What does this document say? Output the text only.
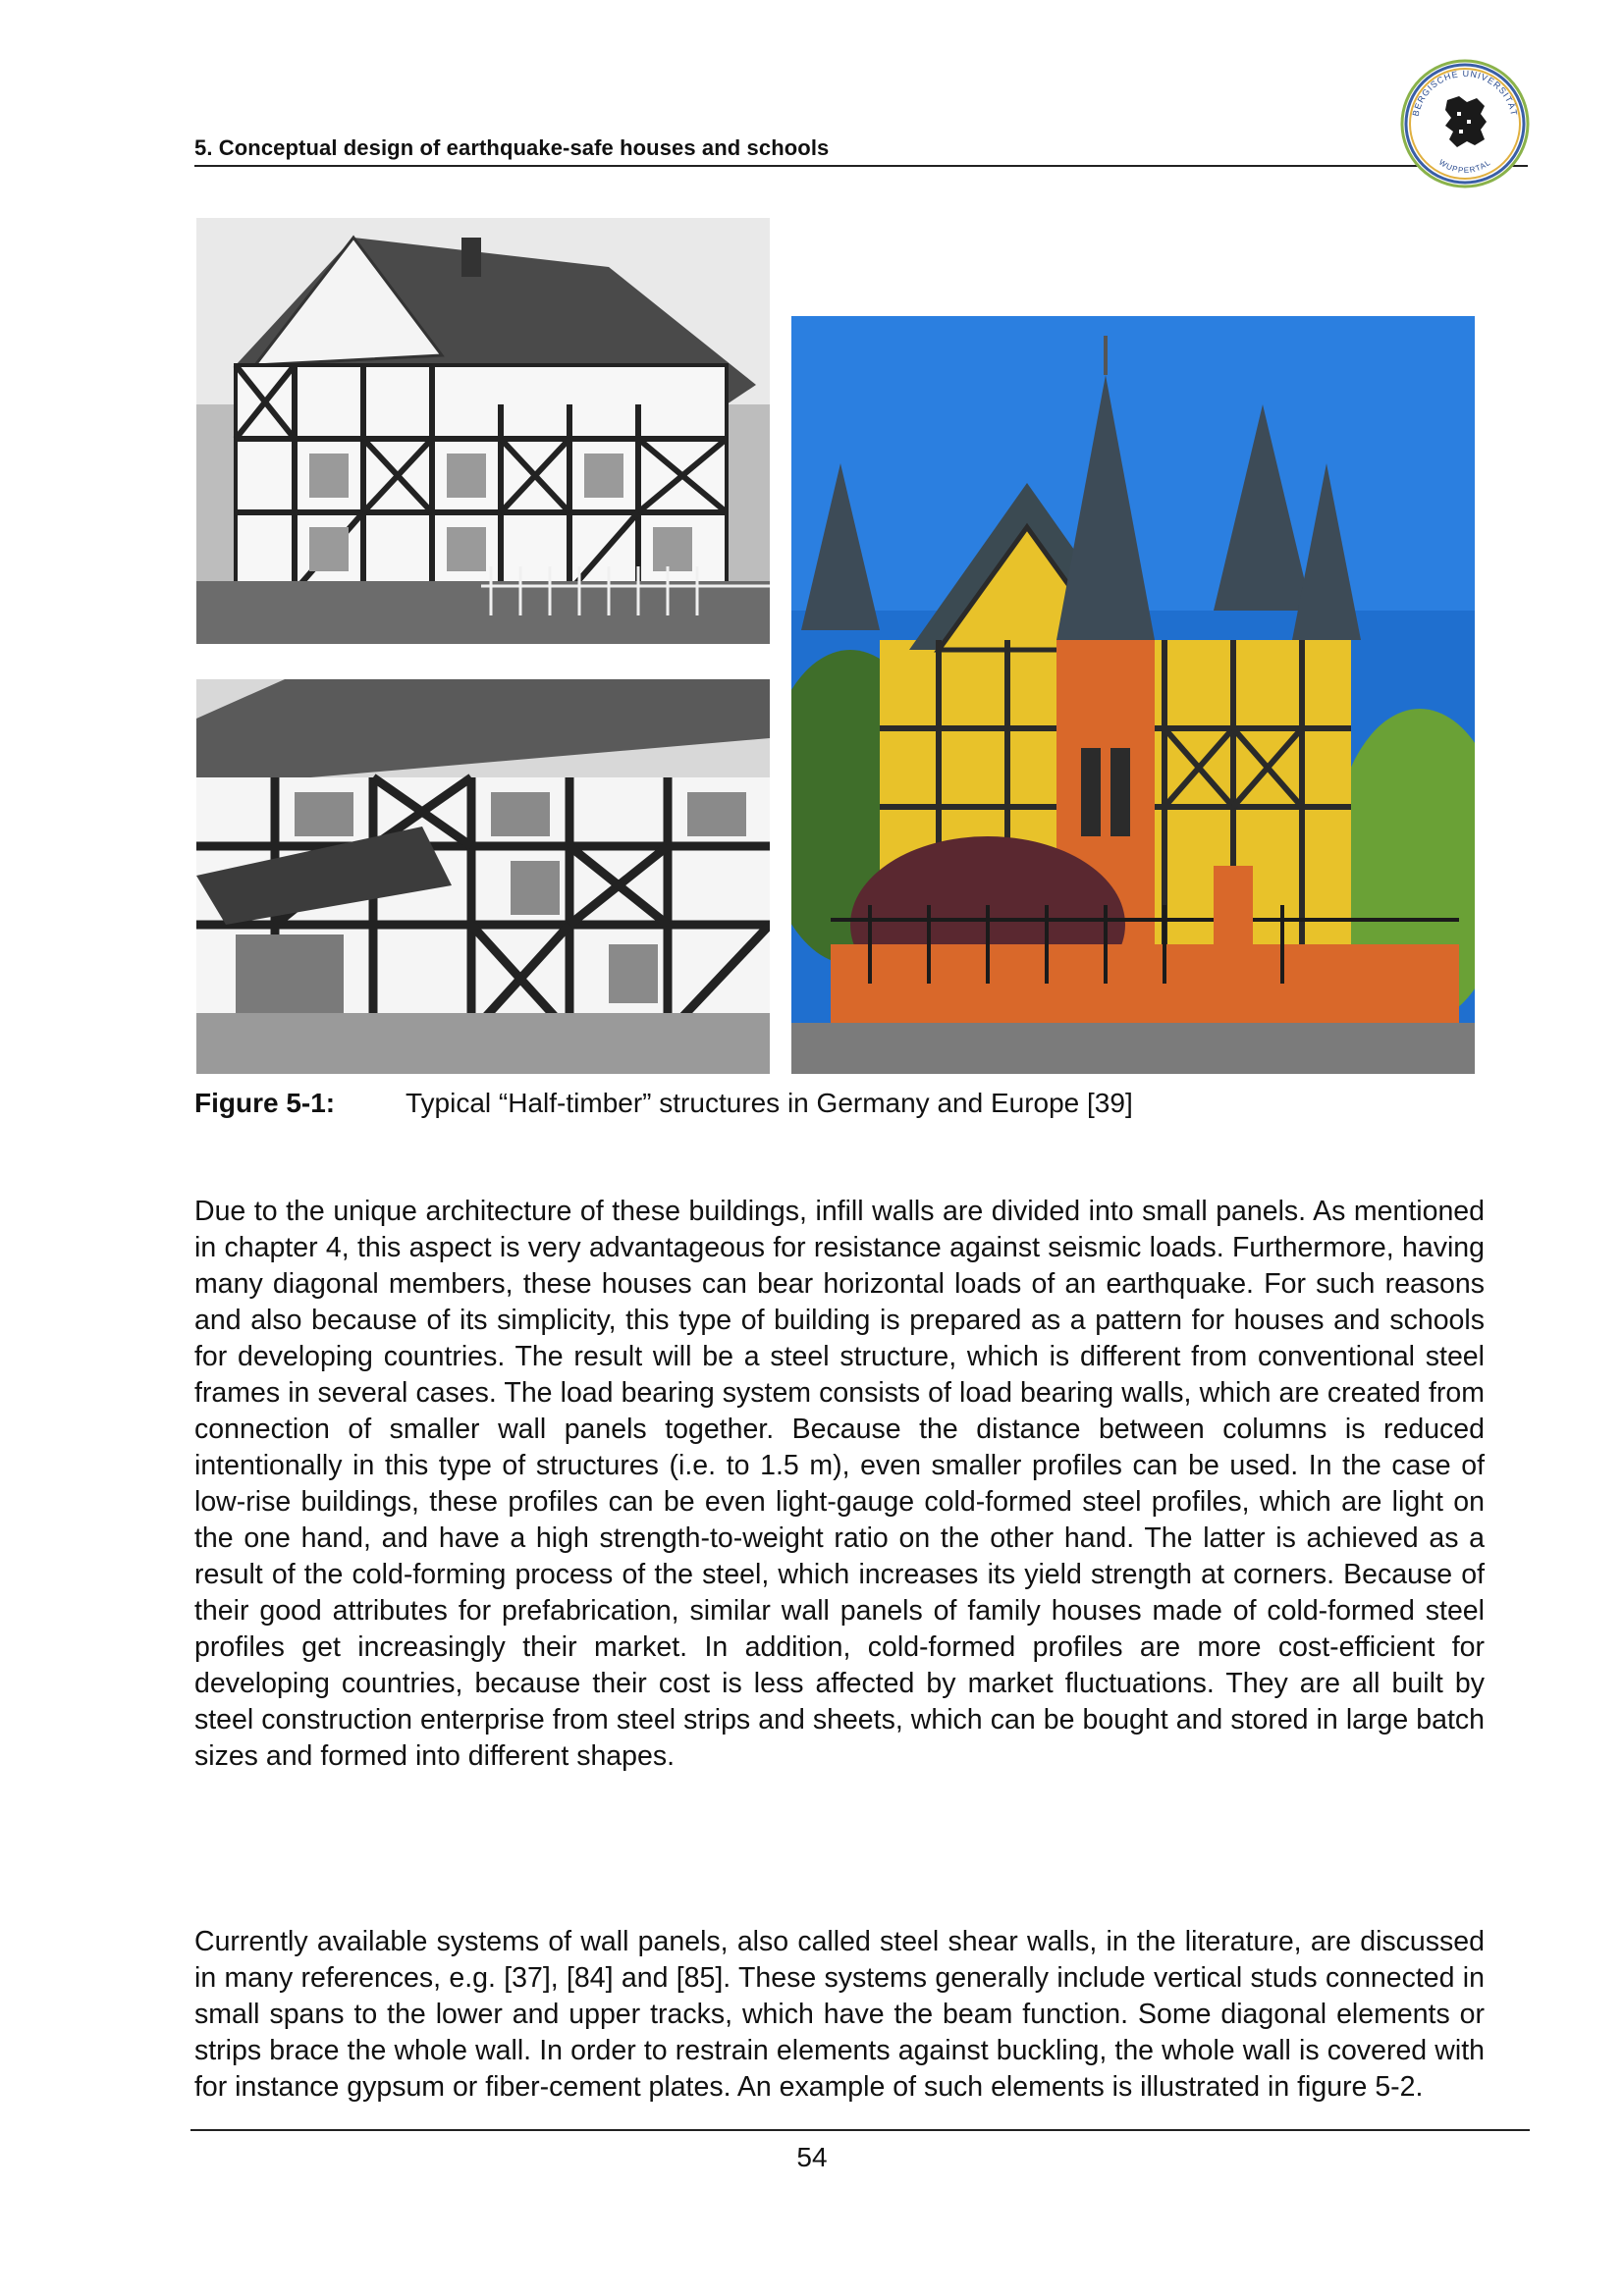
5. Conceptual design of earthquake-safe houses and schools
BERGISCHE UNIVERSITÄT
WUPPERTAL
Figure 5-1:	Typical “Half-timber” structures in Germany and Europe [39]
Due to the unique architecture of these buildings, infill walls are divided into small panels. As mentioned in chapter 4, this aspect is very advantageous for resistance against seismic loads. Furthermore, having many diagonal members, these houses can bear horizontal loads of an earthquake. For such reasons and also because of its simplicity, this type of building is prepared as a pattern for houses and schools for developing countries. The result will be a steel structure, which is different from conventional steel frames in several cases. The load bearing system consists of load bearing walls, which are created from connection of smaller wall panels together. Because the distance between columns is reduced intentionally in this type of structures (i.e. to 1.5 m), even smaller profiles can be used. In the case of low-rise buildings, these profiles can be even light-gauge cold-formed steel profiles, which are light on the one hand, and have a high strength-to-weight ratio on the other hand. The latter is achieved as a result of the cold-forming process of the steel, which increases its yield strength at corners. Because of their good attributes for prefabrication, similar wall panels of family houses made of cold-formed steel profiles get increasingly their market. In addition, cold-formed profiles are more cost-efficient for developing countries, because their cost is less affected by market fluctuations. They are all built by steel construction enterprise from steel strips and sheets, which can be bought and stored in large batch sizes and formed into different shapes.
Currently available systems of wall panels, also called steel shear walls, in the literature, are discussed in many references, e.g. [37], [84] and [85]. These systems generally include vertical studs connected in small spans to the lower and upper tracks, which have the beam function. Some diagonal elements or strips brace the whole wall. In order to restrain elements against buckling, the whole wall is covered with for instance gypsum or fiber-cement plates. An example of such elements is illustrated in figure 5-2.
54
